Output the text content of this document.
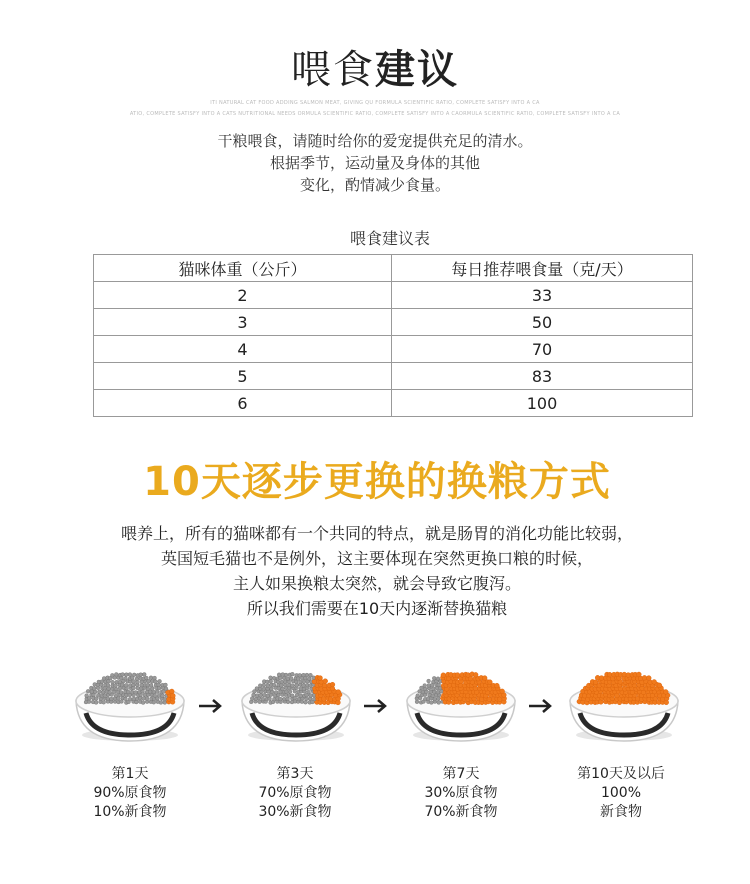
喂食建议
ITI NATURAL CAT FOOD ADDING SALMON MEAT, GIVING QU FORMULA SCIENTIFIC RATIO, COMPLETE SATISFY INTO A CA
ATIO, COMPLETE SATISFY INTO A CATS NUTRITIONAL NEEDS ORMULA SCIENTIFIC RATIO, COMPLETE SATISFY INTO A CAORMULA SCIENTIFIC RATIO, COMPLETE SATISFY INTO A CA
干粮喂食，请随时给你的爱宠提供充足的清水。
根据季节，运动量及身体的其他
变化，酌情减少食量。
喂食建议表
猫咪体重（公斤）	每日推荐喂食量（克/天）
2	33
3	50
4	70
5	83
6	100
10天逐步更换的换粮方式
喂养上，所有的猫咪都有一个共同的特点，就是肠胃的消化功能比较弱，
英国短毛猫也不是例外，这主要体现在突然更换口粮的时候，
主人如果换粮太突然，就会导致它腹泻。
所以我们需要在10天内逐渐替换猫粮
第1天
90%原食物
10%新食物
第3天
70%原食物
30%新食物
第7天
30%原食物
70%新食物
第10天及以后
100%
新食物
